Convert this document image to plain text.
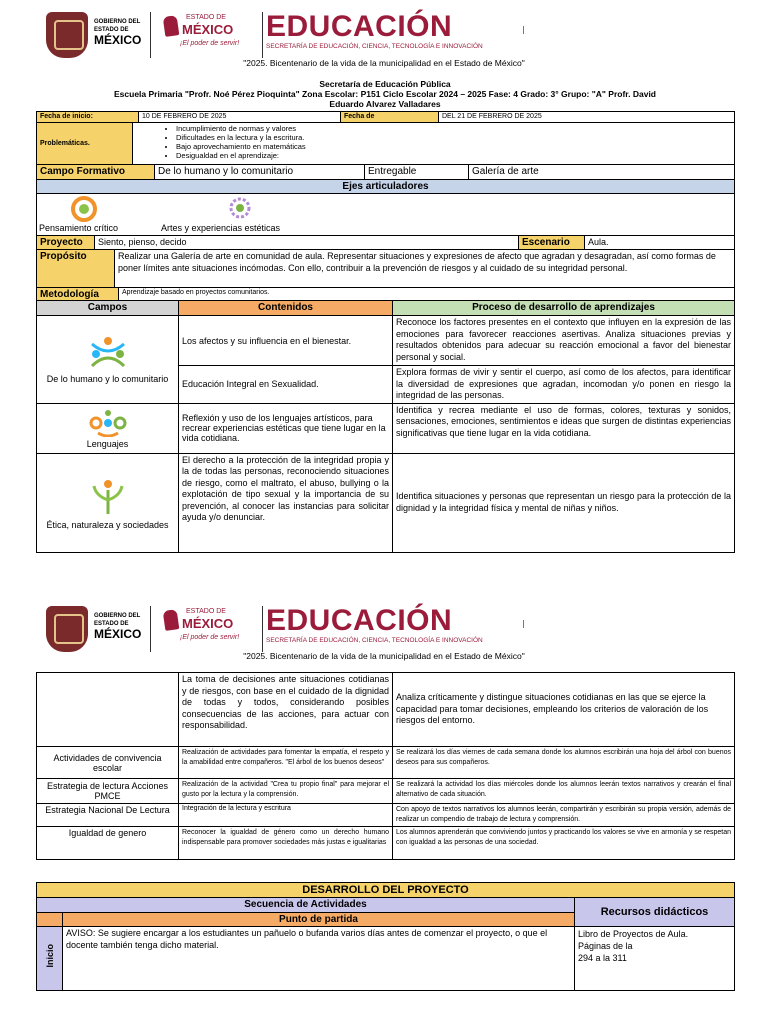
GOBIERNO DEL
ESTADO DE
MÉXICO
ESTADO DE
MÉXICO
¡El poder de servir!
EDUCACIÓN
SECRETARÍA DE EDUCACIÓN, CIENCIA, TECNOLOGÍA E INNOVACIÓN
"2025. Bicentenario de la vida de la municipalidad en el Estado de México"
Secretaría de Educación Pública
Escuela Primaria "Profr. Noé Pérez Pioquinta" Zona Escolar: P151 Ciclo Escolar 2024 – 2025 Fase: 4 Grado: 3° Grupo: "A" Profr. David
Eduardo Alvarez Valladares
Fecha de inicio:	10 DE FEBRERO DE 2025	Fecha de	DEL 21 DE FEBRERO DE 2025
Problemáticas.	
• Incumplimiento de normas y valores
• Dificultades en la lectura y la escritura.
• Bajo aprovechamiento en matemáticas
• Desigualdad en el aprendizaje:
Campo Formativo	De lo humano y lo comunitario	Entregable	Galería de arte
Ejes articuladores

Pensamiento crítico	Artes y experiencias estéticas
Proyecto	Siento, pienso, decido	Escenario	Aula.
Propósito	Realizar una Galería de arte en comunidad de aula. Representar situaciones y expresiones de afecto que agradan y desagradan, así como formas de poner límites ante situaciones incómodas. Con ello, contribuir a la prevención de riesgos y al cuidado de su integridad personal.
Metodología	Aprendizaje basado en proyectos comunitarios.
Campos	Contenidos	Proceso de desarrollo de aprendizajes

De lo humano y lo comunitario	Los afectos y su influencia en el bienestar.	Reconoce los factores presentes en el contexto que influyen en la expresión de las emociones para favorecer reacciones asertivas. Analiza situaciones previas y resultados obtenidos para adecuar su reacción emocional a favor del bienestar personal y social.
	Educación Integral en Sexualidad.	Explora formas de vivir y sentir el cuerpo, así como de los afectos, para identificar la diversidad de expresiones que agradan, incomodan y/o ponen en riesgo la integridad de las personas.

Lenguajes	Reflexión y uso de los lenguajes artísticos, para recrear experiencias estéticas que tiene lugar en la vida cotidiana.	Identifica y recrea mediante el uso de formas, colores, texturas y sonidos, sensaciones, emociones, sentimientos e ideas que surgen de distintas experiencias significativas que tiene lugar en la vida cotidiana.

Ética, naturaleza y sociedades	El derecho a la protección de la integridad propia y la de todas las personas, reconociendo situaciones de riesgo, como el maltrato, el abuso, bullying o la explotación de tipo sexual y la importancia de su prevención, al conocer las instancias para solicitar ayuda y/o denunciar.	Identifica situaciones y personas que representan un riesgo para la protección de la dignidad y la integridad física y mental de niñas y niños.
GOBIERNO DEL
ESTADO DE
MÉXICO
ESTADO DE
MÉXICO
¡El poder de servir!
EDUCACIÓN
SECRETARÍA DE EDUCACIÓN, CIENCIA, TECNOLOGÍA E INNOVACIÓN
"2025. Bicentenario de la vida de la municipalidad en el Estado de México"
	La toma de decisiones ante situaciones cotidianas y de riesgos, con base en el cuidado de la dignidad de todas y todos, considerando posibles consecuencias de las acciones, para actuar con responsabilidad.	Analiza críticamente y distingue situaciones cotidianas en las que se ejerce la capacidad para tomar decisiones, empleando los criterios de valoración de los riesgos del entorno.
Actividades de convivencia escolar	Realización de actividades para fomentar la empatía, el respeto y la amabilidad entre compañeros. "El árbol de los buenos deseos"	Se realizará los días viernes de cada semana donde los alumnos escribirán una hoja del árbol con buenos deseos para sus compañeros.
Estrategia de lectura Acciones PMCE	Realización de la actividad "Crea tu propio final" para mejorar el gusto por la lectura y la comprensión.	Se realizará la actividad los días miércoles donde los alumnos leerán textos narrativos y crearán el final alternativo de cada situación.
Estrategia Nacional De Lectura	Integración de la lectura y escritura	Con apoyo de textos narrativos los alumnos leerán, compartirán y escribirán su propia versión, además de realizar un compendio de trabajo de lectura y comprensión.
Igualdad de genero	Reconocer la igualdad de género como un derecho humano indispensable para promover sociedades más justas e igualitarias	Los alumnos aprenderán que conviviendo juntos y practicando los valores se vive en armonía y se respetan con igualdad a las personas de una sociedad.
DESARROLLO DEL PROYECTO		
Secuencia de Actividades		Recursos didácticos
	Punto de partida	
Inicio	AVISO: Se sugiere encargar a los estudiantes un pañuelo o bufanda varios días antes de comenzar el proyecto, o que el docente también tenga dicho material.	Libro de Proyectos de Aula.
Páginas de la
294 a la 311
